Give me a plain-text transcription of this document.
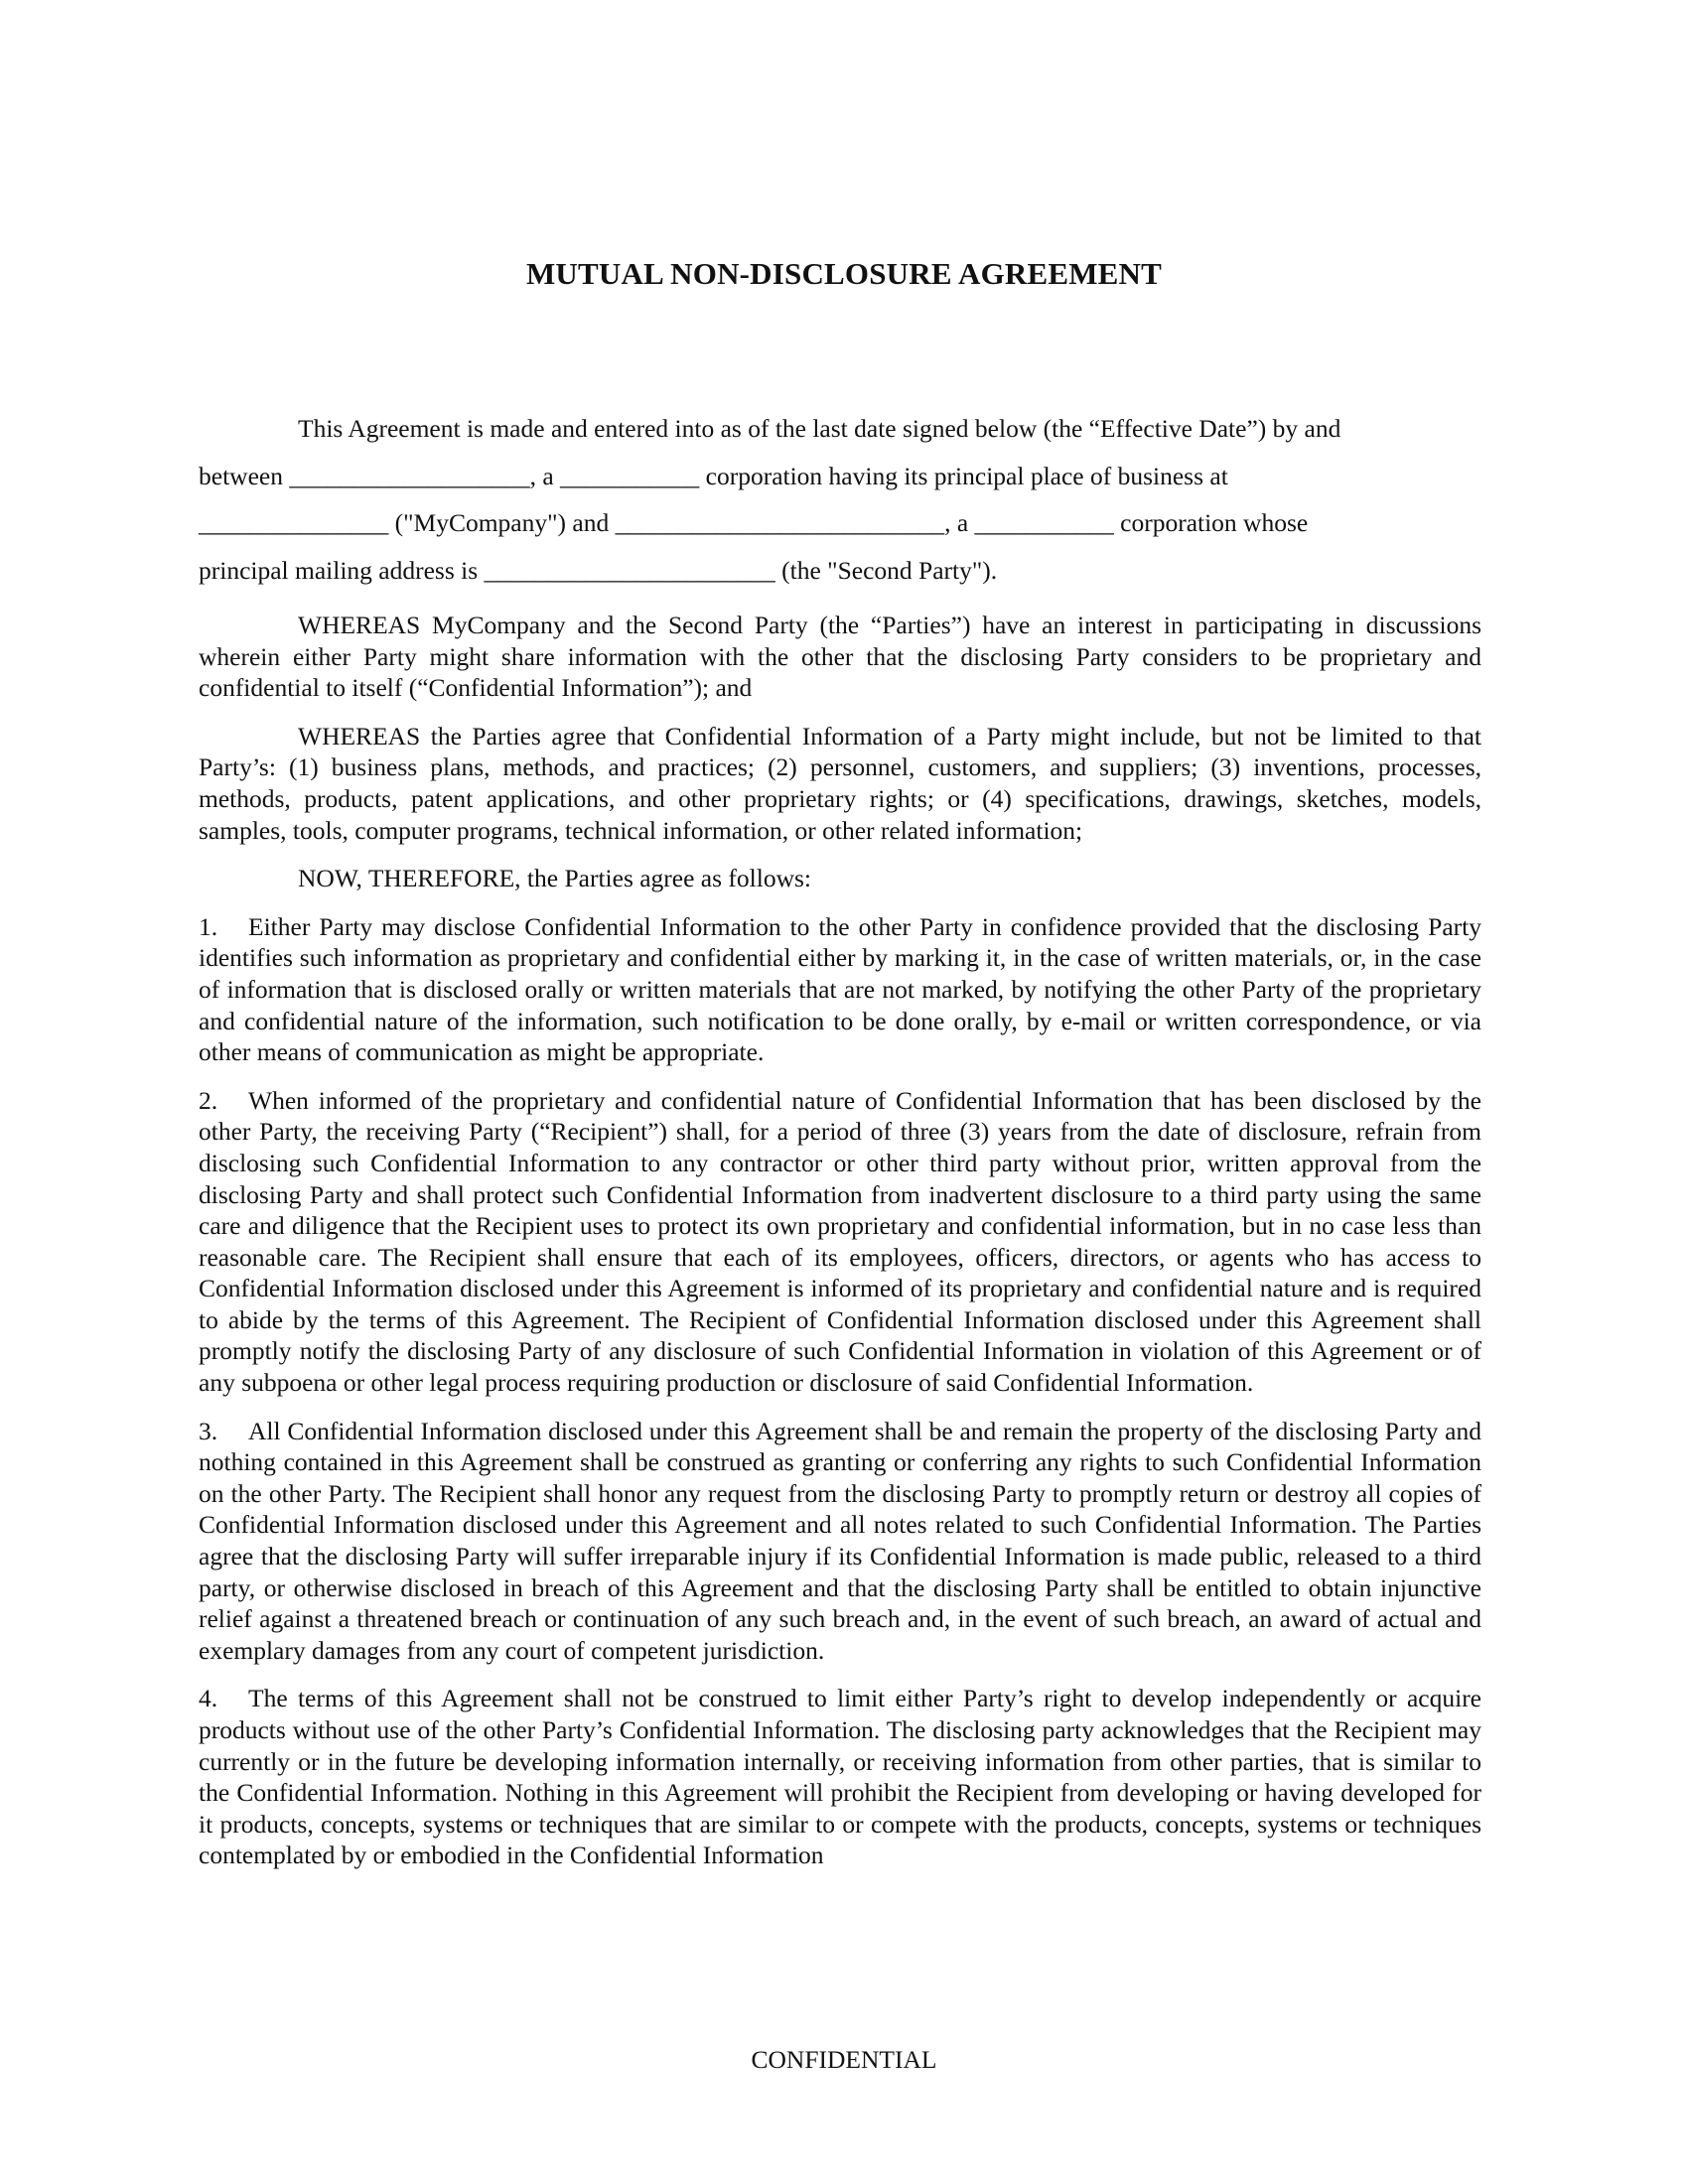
MUTUAL NON-DISCLOSURE AGREEMENT

This Agreement is made and entered into as of the last date signed below (the “Effective Date”) by and

between ___________________, a ___________ corporation having its principal place of business at

_______________ ("MyCompany") and __________________________, a ___________ corporation whose

principal mailing address is _______________________ (the "Second Party").

WHEREAS MyCompany and the Second Party (the “Parties”) have an interest in participating in discussions wherein either Party might share information with the other that the disclosing Party considers to be proprietary and confidential to itself (“Confidential Information”); and

WHEREAS the Parties agree that Confidential Information of a Party might include, but not be limited to that Party’s: (1) business plans, methods, and practices; (2) personnel, customers, and suppliers; (3) inventions, processes, methods, products, patent applications, and other proprietary rights; or (4) specifications, drawings, sketches, models, samples, tools, computer programs, technical information, or other related information;

NOW, THEREFORE, the Parties agree as follows:

1. Either Party may disclose Confidential Information to the other Party in confidence provided that the disclosing Party identifies such information as proprietary and confidential either by marking it, in the case of written materials, or, in the case of information that is disclosed orally or written materials that are not marked, by notifying the other Party of the proprietary and confidential nature of the information, such notification to be done orally, by e-mail or written correspondence, or via other means of communication as might be appropriate.

2. When informed of the proprietary and confidential nature of Confidential Information that has been disclosed by the other Party, the receiving Party (“Recipient”) shall, for a period of three (3) years from the date of disclosure, refrain from disclosing such Confidential Information to any contractor or other third party without prior, written approval from the disclosing Party and shall protect such Confidential Information from inadvertent disclosure to a third party using the same care and diligence that the Recipient uses to protect its own proprietary and confidential information, but in no case less than reasonable care. The Recipient shall ensure that each of its employees, officers, directors, or agents who has access to Confidential Information disclosed under this Agreement is informed of its proprietary and confidential nature and is required to abide by the terms of this Agreement. The Recipient of Confidential Information disclosed under this Agreement shall promptly notify the disclosing Party of any disclosure of such Confidential Information in violation of this Agreement or of any subpoena or other legal process requiring production or disclosure of said Confidential Information.

3. All Confidential Information disclosed under this Agreement shall be and remain the property of the disclosing Party and nothing contained in this Agreement shall be construed as granting or conferring any rights to such Confidential Information on the other Party. The Recipient shall honor any request from the disclosing Party to promptly return or destroy all copies of Confidential Information disclosed under this Agreement and all notes related to such Confidential Information. The Parties agree that the disclosing Party will suffer irreparable injury if its Confidential Information is made public, released to a third party, or otherwise disclosed in breach of this Agreement and that the disclosing Party shall be entitled to obtain injunctive relief against a threatened breach or continuation of any such breach and, in the event of such breach, an award of actual and exemplary damages from any court of competent jurisdiction.

4. The terms of this Agreement shall not be construed to limit either Party’s right to develop independently or acquire products without use of the other Party’s Confidential Information. The disclosing party acknowledges that the Recipient may currently or in the future be developing information internally, or receiving information from other parties, that is similar to the Confidential Information. Nothing in this Agreement will prohibit the Recipient from developing or having developed for it products, concepts, systems or techniques that are similar to or compete with the products, concepts, systems or techniques contemplated by or embodied in the Confidential Information

CONFIDENTIAL
